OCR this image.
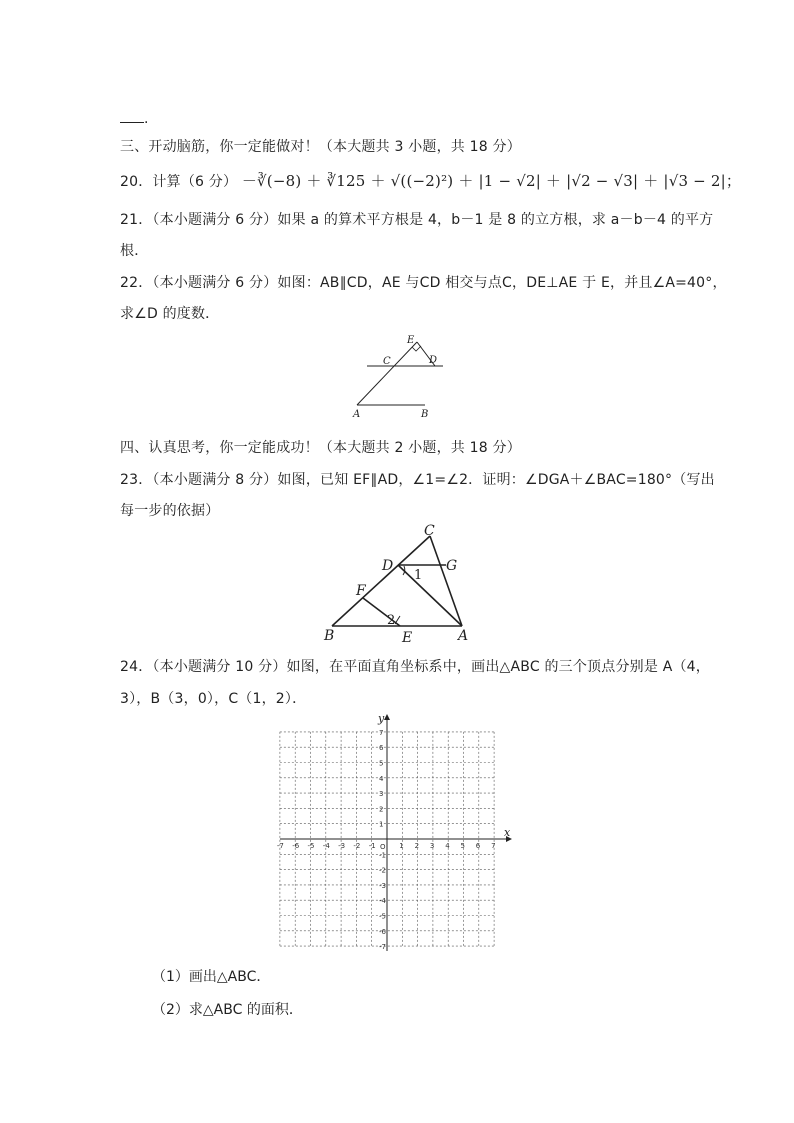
.
三、开动脑筋，你一定能做对！（本大题共 3 小题，共 18 分）
20．计算（6 分） －∛(−8) ＋ ∛125 ＋ √((−2)²) ＋ |1 − √2| ＋ |√2 − √3| ＋ |√3 − 2|；
21．（本小题满分 6 分）如果 a 的算术平方根是 4，b－1 是 8 的立方根，求 a－b－4 的平方
根．
22．（本小题满分 6 分）如图：AB∥CD，AE 与CD 相交与点C，DE⊥AE 于 E，并且∠A=40°，
求∠D 的度数．
E
C	D
A	B
四、认真思考，你一定能成功！（本大题共 2 小题，共 18 分）
23．（本小题满分 8 分）如图，已知 EF∥AD，∠1=∠2．证明：∠DGA＋∠BAC=180°（写出
每一步的依据）
C
D	G
F
B	E	A
1
2
24．（本小题满分 10 分）如图，在平面直角坐标系中，画出△ABC 的三个顶点分别是 A（4，
3），B（3，0），C（1，2）．
-7 -6 -5 -4 -3 -2 -1	1 2 3 4 5 6 7
7
6
5
4
3
2
1
-1
-2
-3
-4
-5
-6
-7
x
y
O
（1）画出△ABC．
（2）求△ABC 的面积．
